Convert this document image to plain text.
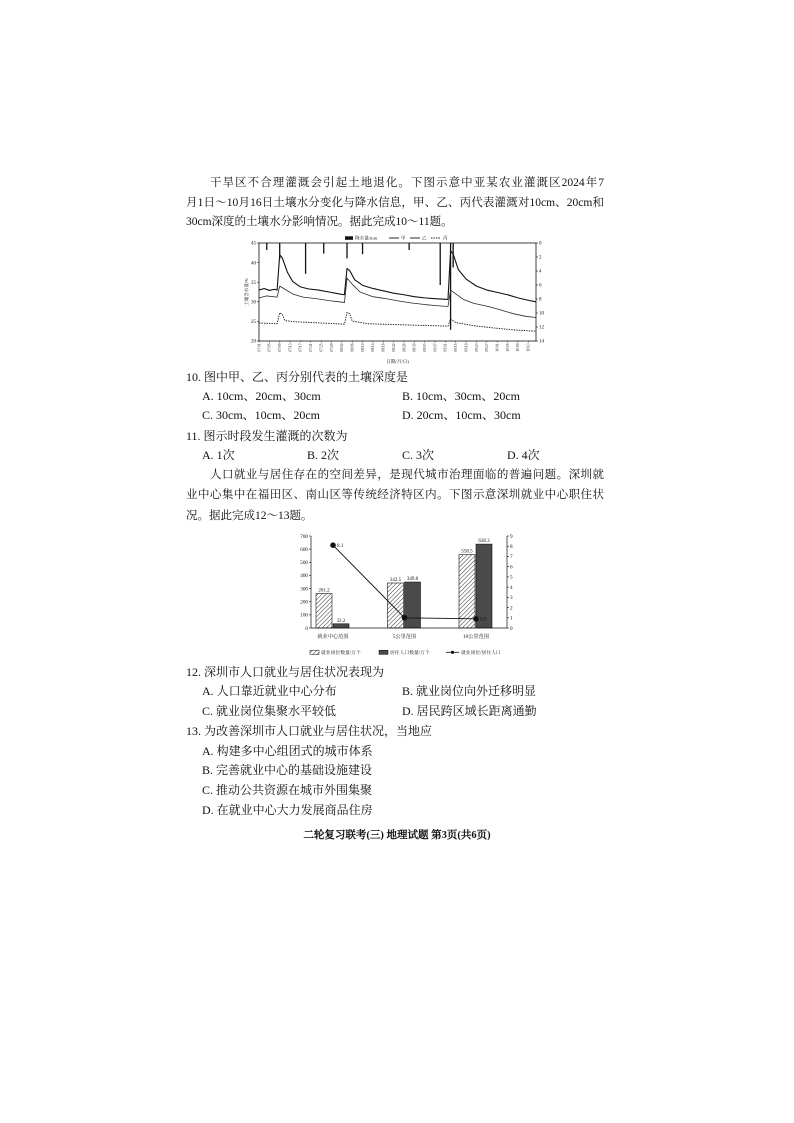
干旱区不合理灌溉会引起土地退化。下图示意中亚某农业灌溉区2024年7
月1日～10月16日土壤水分变化与降水信息，甲、乙、丙代表灌溉对10cm、20cm和
30cm深度的土壤水分影响情况。据此完成10～11题。
20
25
30
35
40
45	0
2
4
6
8
10
12
14
07/01 07/05 07/09 07/13 07/17 07/21 07/25 07/29 08/02 08/06 08/10 08/14 08/18 08/22 08/26 08/30 09/03 09/07 09/11 09/15 09/19 09/23 09/27 10/01 10/05 10/09 10/13
日期(月/日)
土壤含水量/%
降水量/mm	甲	乙	丙
10. 图中甲、乙、丙分别代表的土壤深度是
A. 10cm、20cm、30cm	B. 10cm、30cm、20cm
C. 30cm、10cm、20cm	D. 20cm、10cm、30cm
11. 图示时段发生灌溉的次数为
A. 1次	B. 2次	C. 3次	D. 4次
人口就业与居住存在的空间差异，是现代城市治理面临的普遍问题。深圳就
业中心集中在福田区、南山区等传统经济特区内。下图示意深圳就业中心职住状
况。据此完成12～13题。
261.2
342.5
558.5
32.2
349.8
638.3
0
100
200
300
400
500
600
700
0
1
2
3
4
5
6
7
8
9
就业中心范围	5公里范围	10公里范围
8.1
0.9
就业岗位数量/万个	居住人口数量/万个	就业岗位/居住人口
12. 深圳市人口就业与居住状况表现为
A. 人口靠近就业中心分布	B. 就业岗位向外迁移明显
C. 就业岗位集聚水平较低	D. 居民跨区域长距离通勤
13. 为改善深圳市人口就业与居住状况，当地应
A. 构建多中心组团式的城市体系
B. 完善就业中心的基础设施建设
C. 推动公共资源在城市外围集聚
D. 在就业中心大力发展商品住房
二轮复习联考(三) 地理试题 第3页(共6页)
